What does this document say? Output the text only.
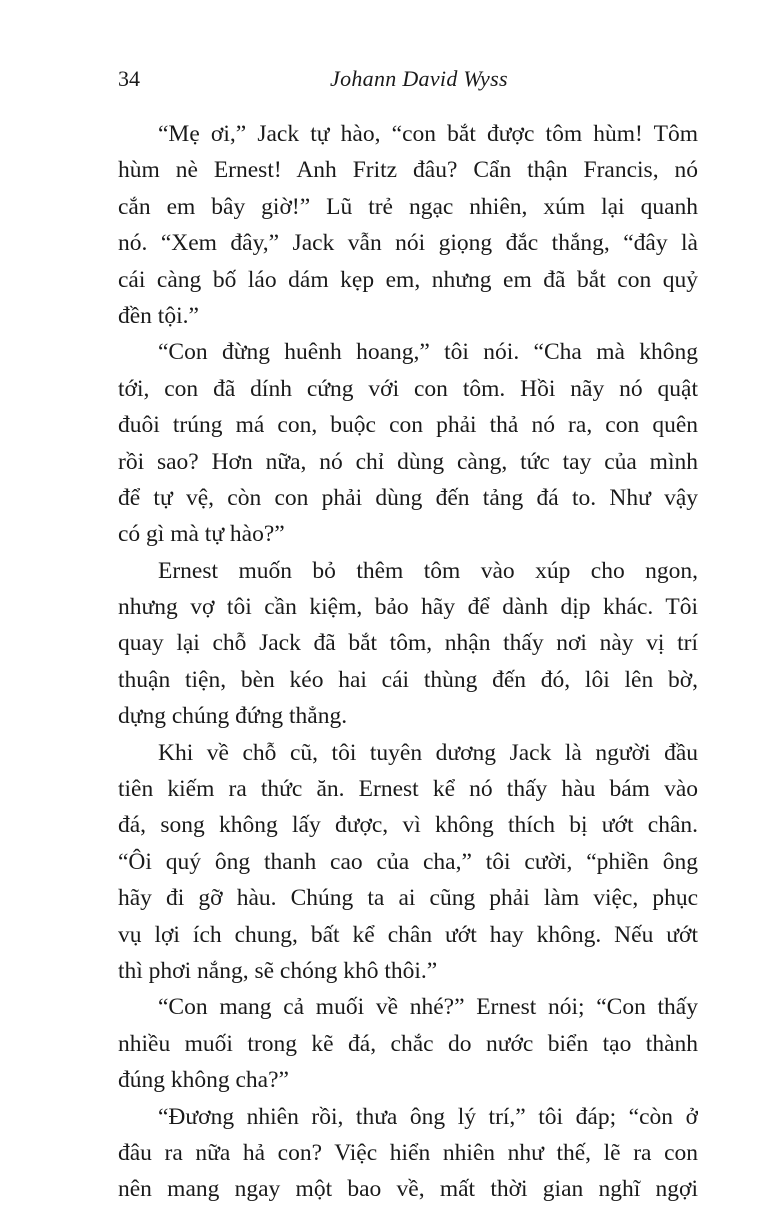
34	Johann David Wyss
“Mẹ ơi,” Jack tự hào, “con bắt được tôm hùm! Tôm
hùm nè Ernest! Anh Fritz đâu? Cẩn thận Francis, nó
cắn em bây giờ!” Lũ trẻ ngạc nhiên, xúm lại quanh
nó. “Xem đây,” Jack vẫn nói giọng đắc thắng, “đây là
cái càng bố láo dám kẹp em, nhưng em đã bắt con quỷ
đền tội.”
“Con đừng huênh hoang,” tôi nói. “Cha mà không
tới, con đã dính cứng với con tôm. Hồi nãy nó quật
đuôi trúng má con, buộc con phải thả nó ra, con quên
rồi sao? Hơn nữa, nó chỉ dùng càng, tức tay của mình
để tự vệ, còn con phải dùng đến tảng đá to. Như vậy
có gì mà tự hào?”
Ernest muốn bỏ thêm tôm vào xúp cho ngon,
nhưng vợ tôi cần kiệm, bảo hãy để dành dịp khác. Tôi
quay lại chỗ Jack đã bắt tôm, nhận thấy nơi này vị trí
thuận tiện, bèn kéo hai cái thùng đến đó, lôi lên bờ,
dựng chúng đứng thẳng.
Khi về chỗ cũ, tôi tuyên dương Jack là người đầu
tiên kiếm ra thức ăn. Ernest kể nó thấy hàu bám vào
đá, song không lấy được, vì không thích bị ướt chân.
“Ôi quý ông thanh cao của cha,” tôi cười, “phiền ông
hãy đi gỡ hàu. Chúng ta ai cũng phải làm việc, phục
vụ lợi ích chung, bất kể chân ướt hay không. Nếu ướt
thì phơi nắng, sẽ chóng khô thôi.”
“Con mang cả muối về nhé?” Ernest nói; “Con thấy
nhiều muối trong kẽ đá, chắc do nước biển tạo thành
đúng không cha?”
“Đương nhiên rồi, thưa ông lý trí,” tôi đáp; “còn ở
đâu ra nữa hả con? Việc hiển nhiên như thế, lẽ ra con
nên mang ngay một bao về, mất thời gian nghĩ ngợi
